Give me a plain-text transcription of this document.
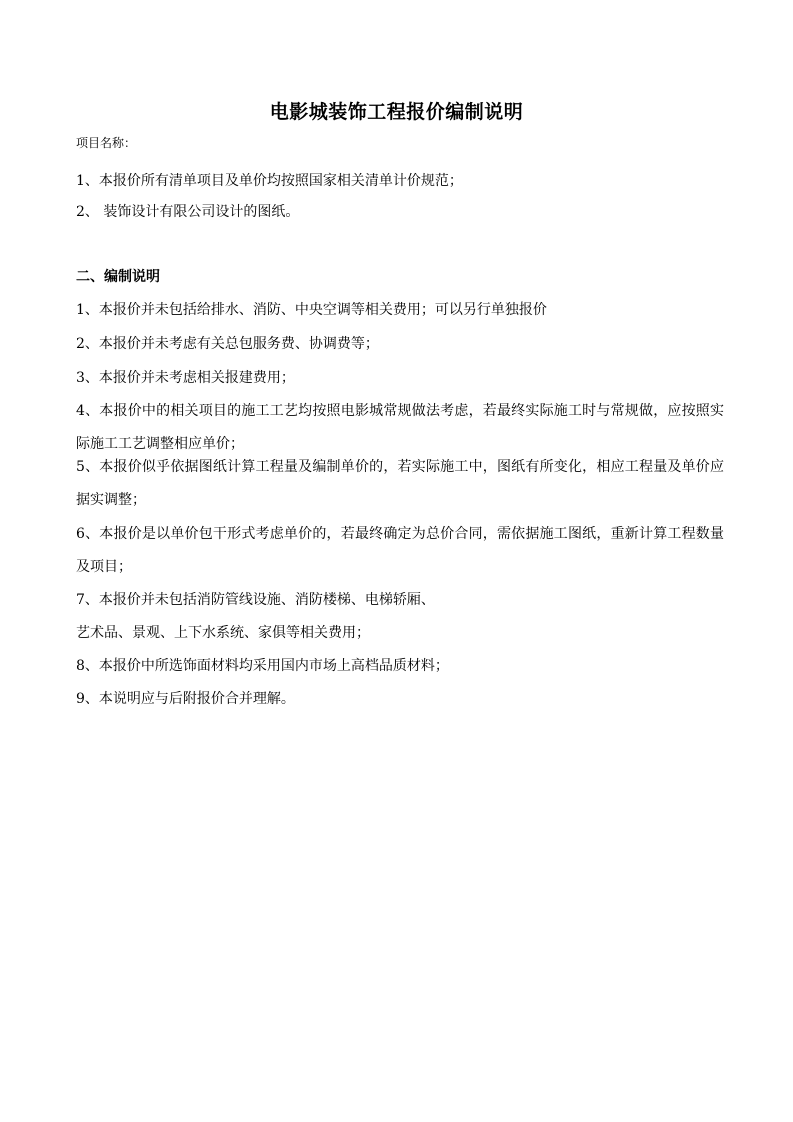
电影城装饰工程报价编制说明

项目名称：

1、本报价所有清单项目及单价均按照国家相关清单计价规范；

2、 装饰设计有限公司设计的图纸。

二、编制说明

1、本报价并未包括给排水、消防、中央空调等相关费用；可以另行单独报价

2、本报价并未考虑有关总包服务费、协调费等；

3、本报价并未考虑相关报建费用；

4、本报价中的相关项目的施工工艺均按照电影城常规做法考虑，若最终实际施工时与常规做，应按照实际施工工艺调整相应单价；

5、本报价似乎依据图纸计算工程量及编制单价的，若实际施工中，图纸有所变化，相应工程量及单价应据实调整；

6、本报价是以单价包干形式考虑单价的，若最终确定为总价合同，需依据施工图纸，重新计算工程数量及项目；

7、本报价并未包括消防管线设施、消防楼梯、电梯轿厢、

艺术品、景观、上下水系统、家俱等相关费用；

8、本报价中所选饰面材料均采用国内市场上高档品质材料；

9、本说明应与后附报价合并理解。
